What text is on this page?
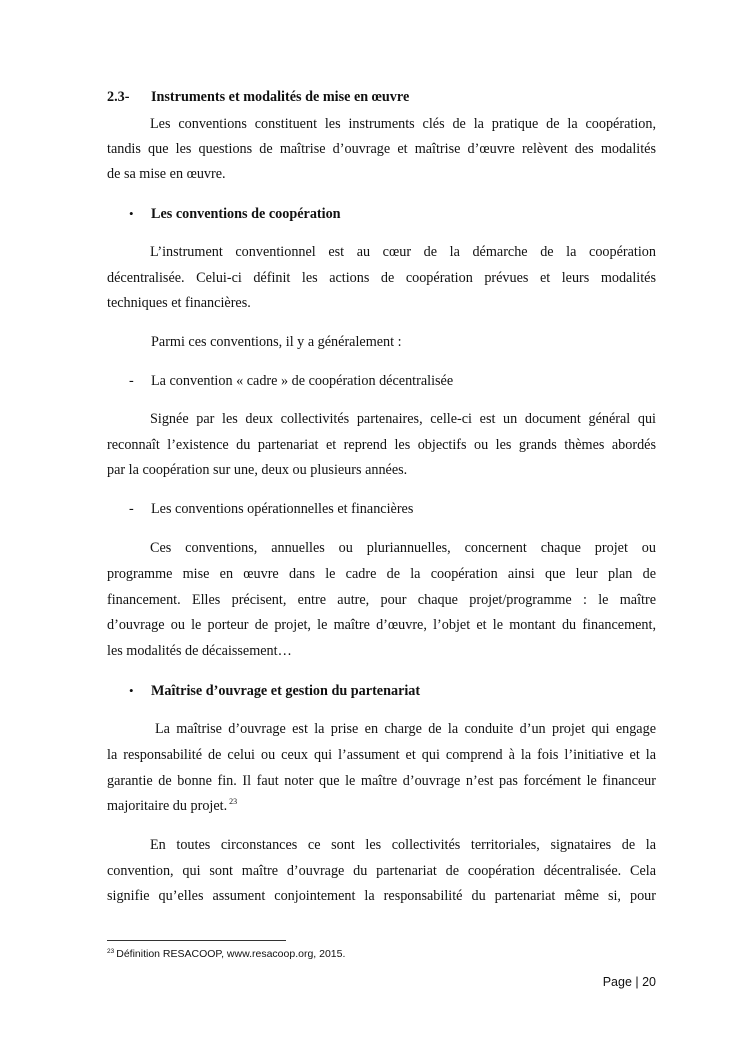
2.3- Instruments et modalités de mise en œuvre
Les conventions constituent les instruments clés de la pratique de la coopération,
tandis que les questions de maîtrise d’ouvrage et maîtrise d’œuvre relèvent des modalités
de sa mise en œuvre.
• Les conventions de coopération
L’instrument conventionnel est au cœur de la démarche de la coopération
décentralisée. Celui-ci définit les actions de coopération prévues et leurs modalités
techniques et financières.
Parmi ces conventions, il y a généralement :
- La convention « cadre » de coopération décentralisée
Signée par les deux collectivités partenaires, celle-ci est un document général qui
reconnaît l’existence du partenariat et reprend les objectifs ou les grands thèmes abordés
par la coopération sur une, deux ou plusieurs années.
- Les conventions opérationnelles et financières
Ces conventions, annuelles ou pluriannuelles, concernent chaque projet ou
programme mise en œuvre dans le cadre de la coopération ainsi que leur plan de
financement. Elles précisent, entre autre, pour chaque projet/programme : le maître
d’ouvrage ou le porteur de projet, le maître d’œuvre, l’objet et le montant du financement,
les modalités de décaissement…
• Maîtrise d’ouvrage et gestion du partenariat
La maîtrise d’ouvrage est la prise en charge de la conduite d’un projet qui engage
la responsabilité de celui ou ceux qui l’assument et qui comprend à la fois l’initiative et la
garantie de bonne fin. Il faut noter que le maître d’ouvrage n’est pas forcément le financeur
majoritaire du projet. $^{23}$
En toutes circonstances ce sont les collectivités territoriales, signataires de la
convention, qui sont maître d’ouvrage du partenariat de coopération décentralisée. Cela
signifie qu’elles assument conjointement la responsabilité du partenariat même si, pour
$^{23}$ Définition RESACOOP, www.resacoop.org, 2015.
Page | 20
